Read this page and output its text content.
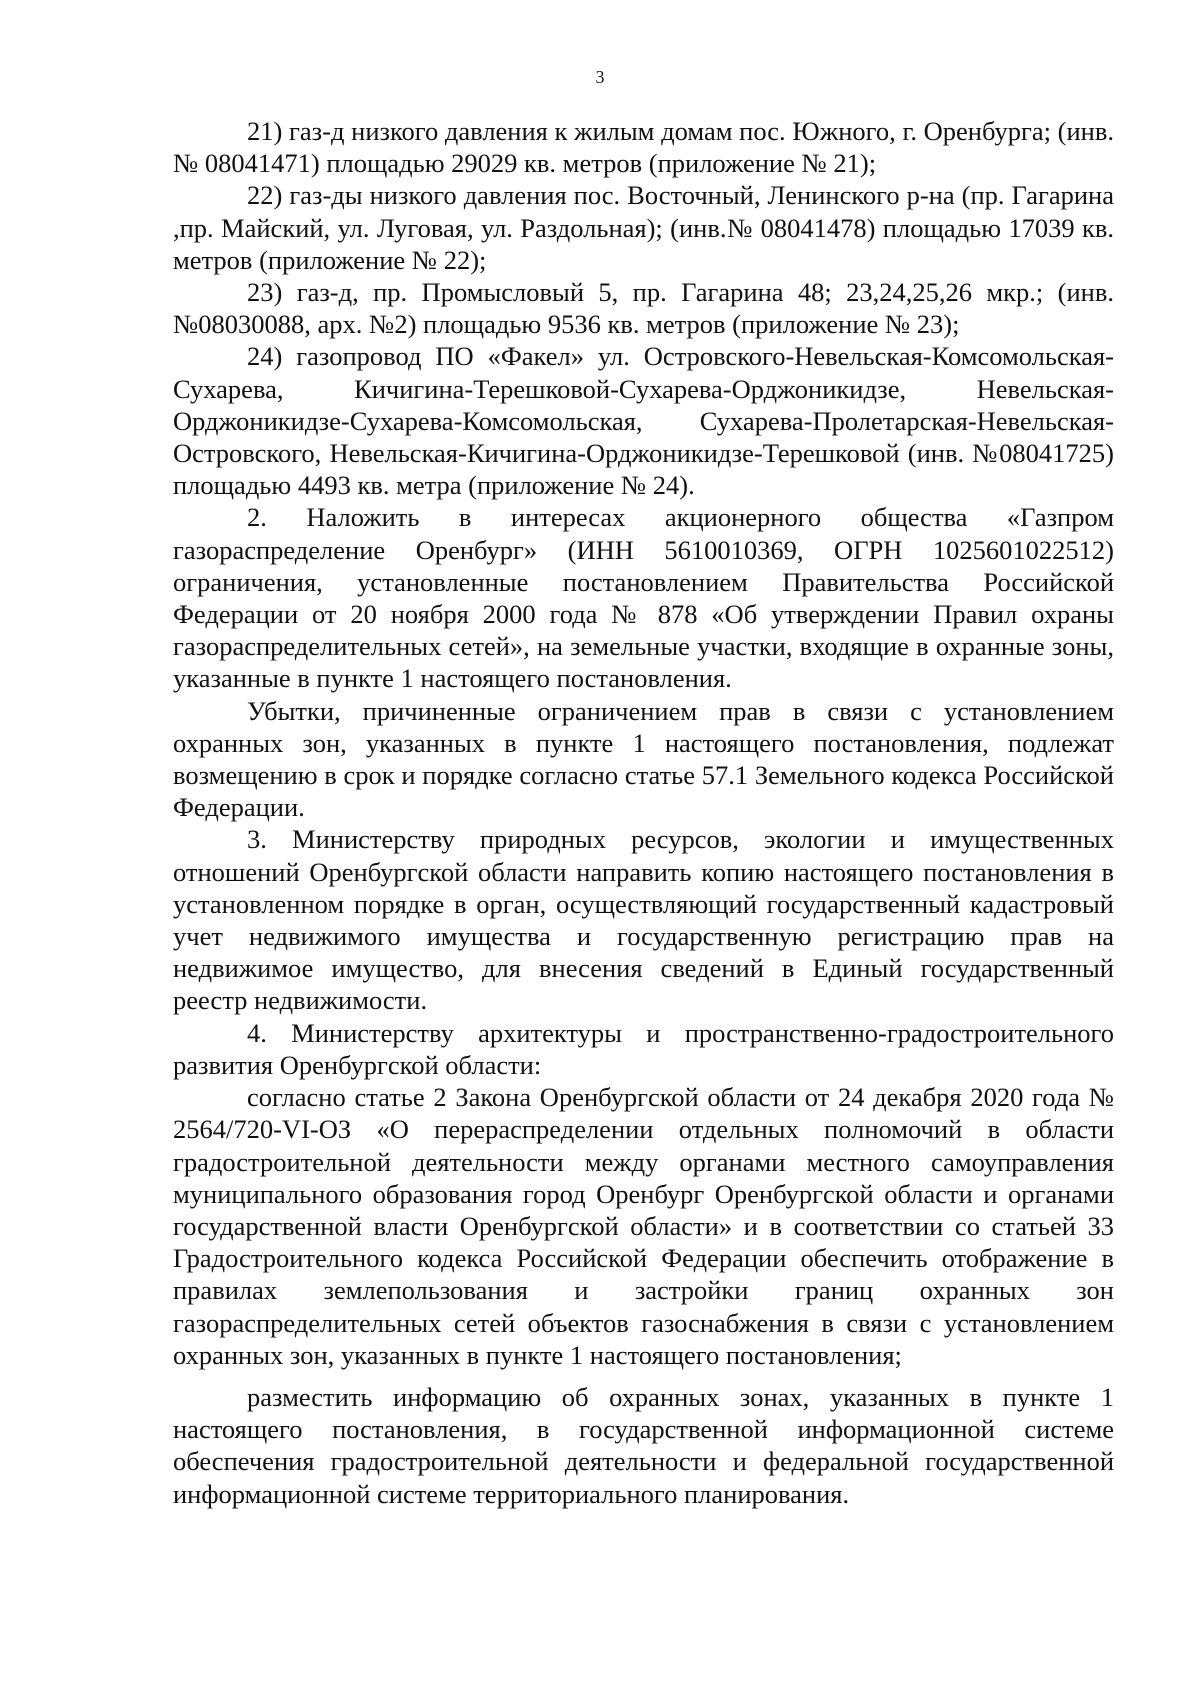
3

21) газ-д низкого давления к жилым домам пос. Южного, г. Оренбурга; (инв.№ 08041471) площадью 29029 кв. метров (приложение № 21);

22) газ-ды низкого давления пос. Восточный, Ленинского р-на (пр. Гагарина ,пр. Майский, ул. Луговая, ул. Раздольная); (инв.№ 08041478) площадью 17039 кв. метров (приложение № 22);

23) газ-д, пр. Промысловый 5, пр. Гагарина 48; 23,24,25,26 мкр.; (инв. №08030088, арх. №2) площадью 9536 кв. метров (приложение № 23);

24) газопровод ПО «Факел» ул. Островского-Невельская-Комсомольская-Сухарева, Кичигина-Терешковой-Сухарева-Орджоникидзе, Невельская-Орджоникидзе-Сухарева-Комсомольская, Сухарева-Пролетарская-Невельская-Островского, Невельская-Кичигина-Орджоникидзе-Терешковой (инв. №08041725) площадью 4493 кв. метра (приложение № 24).

2. Наложить в интересах акционерного общества «Газпром газораспределение Оренбург» (ИНН 5610010369, ОГРН 1025601022512) ограничения, установленные постановлением Правительства Российской Федерации от 20 ноября 2000 года № 878 «Об утверждении Правил охраны газораспределительных сетей», на земельные участки, входящие в охранные зоны, указанные в пункте 1 настоящего постановления.

Убытки, причиненные ограничением прав в связи с установлением охранных зон, указанных в пункте 1 настоящего постановления, подлежат возмещению в срок и порядке согласно статье 57.1 Земельного кодекса Российской Федерации.

3. Министерству природных ресурсов, экологии и имущественных отношений Оренбургской области направить копию настоящего постановления в установленном порядке в орган, осуществляющий государственный кадастровый учет недвижимого имущества и государственную регистрацию прав на недвижимое имущество, для внесения сведений в Единый государственный реестр недвижимости.

4. Министерству архитектуры и пространственно-градостроительного развития Оренбургской области:

согласно статье 2 Закона Оренбургской области от 24 декабря 2020 года № 2564/720-VI-ОЗ «О перераспределении отдельных полномочий в области градостроительной деятельности между органами местного самоуправления муниципального образования город Оренбург Оренбургской области и органами государственной власти Оренбургской области» и в соответствии со статьей 33 Градостроительного кодекса Российской Федерации обеспечить отображение в правилах землепользования и застройки границ охранных зон газораспределительных сетей объектов газоснабжения в связи с установлением охранных зон, указанных в пункте 1 настоящего постановления;

разместить информацию об охранных зонах, указанных в пункте 1 настоящего постановления, в государственной информационной системе обеспечения градостроительной деятельности и федеральной государственной информационной системе территориального планирования.
